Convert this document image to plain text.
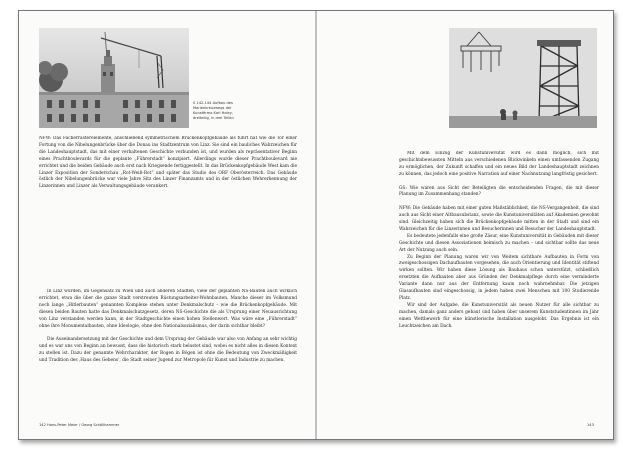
S 142-144 Aufbau des Marienkreuzwegs der Kunstfirma Karl Holey, dreiteilig, in drei Teilen

NFW: Das Fächerrasterelemente, anschließend symmetrischem Brückenkopfgebäude als führt hat wie die Tor einer Fortung von die Nibelungenbrücke über die Donau ins Stadtzentrum von Linz. Sie sind ein bauliches Wahrzeichen für die Landeshauptstadt, das mit einer verhaltenen Geschichte verbunden ist, und wurden als repräsentativer Beginn eines Prachtboulevards für die geplante „Führerstadt“ konzipiert. Allerdings wurde dieser Prachtboulevard nie errichtet und die beiden Gebäude auch erst nach Kriegsende fertiggestellt. In das Brückenkopfgebäude West kam die Linzer Exposition der Sonderschau „Rot-Weiß-Rot“ und später das Studio des ORF Oberösterreich. Das Gebäude östlich der Nibelungenbrücke war viele Jahre Sitz des Linzer Finanzamts und in der östlichen Wehrerkennung der Linzerinnen und Linzer als Verwaltungsgebäude verankert.

In Linz wurden, im Gegensatz zu Wien und auch anderen Städten, viele der geplanten NS-Bauten auch wirklich errichtet, etwa die über die ganze Stadt verstreuten Rüstungsarbeiter-Wohnbauten. Manche dieser im Volksmund noch lange „Hitlerbauten“ genannten Komplexe stehen unter Denkmalschutz – wie die Brückenkopfgebäude. Mit diesen beiden Bauten hatte das Denkmalschutzgesetz, deren NS-Geschichte die als Ursprung einer Neuausrichtung von Linz verstanden werden kann, in der Stadtgeschichte einen hohen Stellenwert. Was wäre eine „Führerstadt“ ohne ihre Monumentalbauten, ohne Ideologie, ohne den Nationalsozialismus, der darin sichtbar bleibt?

Die Auseinandersetzung mit der Geschichte und dem Ursprung der Gebäude war also von Anfang an sehr wichtig und es war uns von Beginn an bewusst, dass die historisch stark belastet sind, wobei es nicht alles in diesen Kontext zu stellen ist. Dazu der genannte Wehrcharakter, der Bogen in Bögen ist ohne die Bedeutung von Zweckmäßigkeit und Tradition des ‚Haus des Gebens‘, die Stadt seiner Jugend zur Metropole für Kunst und Industrie zu machen.

142 Hans-Peter Meier / Georg Schöllhammer

Mit dem Einzug der Kunstuniversität wird es dann möglich, sich mit geschichtsbewussten Mitteln aus verschiedenen Blickwinkeln einen umfassenden Zugang zu ermöglichen, der Zukunft schaffen und ein neues Bild der Landeshauptstadt zeichnen zu können, das jedoch eine positive Narration auf einer Nachnutzung langfristig gesichert.

GS: Wie waren aus Sicht der Beteiligten die entscheidenden Fragen, die mit dieser Planung im Zusammenhang standen?

NFW: Die Gebäude haben mit einer guten Maßstäblichkeit, die NS-Vergangenheit, die sind auch aus Sicht einer Altbausubstanz, sowie die Kunstuniversitäten auf Akademien gewohnt sind. Gleichzeitig haben sich die Brückenkopfgebäude mitten in der Stadt und sind ein Wahrzeichen für die Linzerinnen und Besucherinnen und Besucher der Landeshauptstadt.

Es bedeutete jedenfalls eine große Zäsur, eine Kunstuniversität in Gebäuden mit dieser Geschichte und diesen Assoziationen heimisch zu machen – und sichtbar sollte das neue Art der Nutzung auch sein.

Zu Beginn der Planung waren wir von Weitem sichtbare Aufbauten in Form von zweigeschossigen Dachaufbauten vorgesehen, die auch Orientierung und Identität stiftend wirken sollten. Wir haben diese Lösung als Bauhaus schon unterstützt, schließlich ersetzten die Aufbauten aber aus Gründen der Denkmalpflege durch eine verminderte Variante dann nur aus der Entfernung kaum noch wahrnehmbar. Die jetzigen Glasaufbauten sind eingeschossig, in jedem haben zwei Menschen mit 100 Studierende Platz.

Wir sind der Aufgabe, die Kunstuniversität als neuen Nutzer für alle sichtbar zu machen, damals ganz anders gebaut und haben über unserem Kunststudentinnen im Jahr einen Wettbewerb für eine künstlerische Installation ausgelobt. Das Ergebnis ist ein Leuchtzeichen am Dach.

143
